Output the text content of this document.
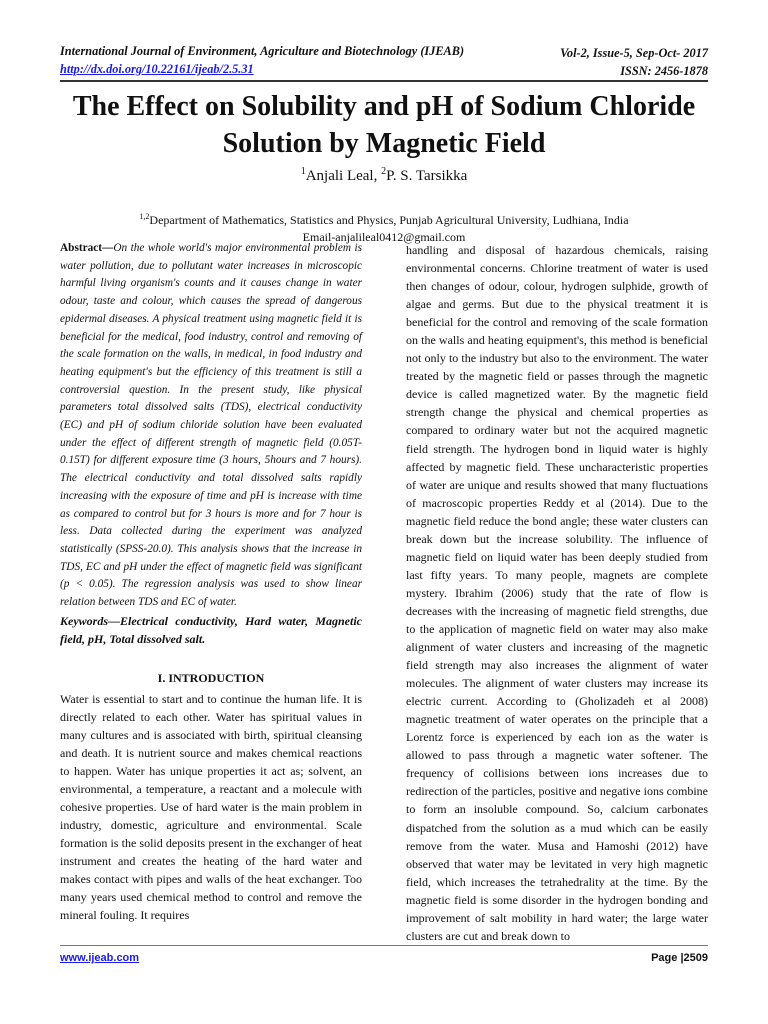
International Journal of Environment, Agriculture and Biotechnology (IJEAB)
http://dx.doi.org/10.22161/ijeab/2.5.31
Vol-2, Issue-5, Sep-Oct- 2017
ISSN: 2456-1878
The Effect on Solubility and pH of Sodium Chloride Solution by Magnetic Field
$^1$Anjali Leal, $^2$P. S. Tarsikka
$^{1,2}$Department of Mathematics, Statistics and Physics, Punjab Agricultural University, Ludhiana, India
Email-anjalileal0412@gmail.com

Abstract—On the whole world's major environmental problem is water pollution, due to pollutant water increases in microscopic harmful living organism's counts and it causes change in water odour, taste and colour, which causes the spread of dangerous epidermal diseases. A physical treatment using magnetic field it is beneficial for the medical, food industry, control and removing of the scale formation on the walls, in medical, in food industry and heating equipment's but the efficiency of this treatment is still a controversial question. In the present study, like physical parameters total dissolved salts (TDS), electrical conductivity (EC) and pH of sodium chloride solution have been evaluated under the effect of different strength of magnetic field (0.05T-0.15T) for different exposure time (3 hours, 5hours and 7 hours). The electrical conductivity and total dissolved salts rapidly increasing with the exposure of time and pH is increase with time as compared to control but for 3 hours is more and for 7 hour is less. Data collected during the experiment was analyzed statistically (SPSS-20.0). This analysis shows that the increase in TDS, EC and pH under the effect of magnetic field was significant (p < 0.05). The regression analysis was used to show linear relation between TDS and EC of water.

Keywords—Electrical conductivity, Hard water, Magnetic field, pH, Total dissolved salt.

I. INTRODUCTION

Water is essential to start and to continue the human life. It is directly related to each other. Water has spiritual values in many cultures and is associated with birth, spiritual cleansing and death. It is nutrient source and makes chemical reactions to happen. Water has unique properties it act as; solvent, an environmental, a temperature, a reactant and a molecule with cohesive properties. Use of hard water is the main problem in industry, domestic, agriculture and environmental. Scale formation is the solid deposits present in the exchanger of heat instrument and creates the heating of the hard water and makes contact with pipes and walls of the heat exchanger. Too many years used chemical method to control and remove the mineral fouling. It requires

handling and disposal of hazardous chemicals, raising environmental concerns. Chlorine treatment of water is used then changes of odour, colour, hydrogen sulphide, growth of algae and germs. But due to the physical treatment it is beneficial for the control and removing of the scale formation on the walls and heating equipment's, this method is beneficial not only to the industry but also to the environment. The water treated by the magnetic field or passes through the magnetic device is called magnetized water. By the magnetic field strength change the physical and chemical properties as compared to ordinary water but not the acquired magnetic field strength. The hydrogen bond in liquid water is highly affected by magnetic field. These uncharacteristic properties of water are unique and results showed that many fluctuations of macroscopic properties Reddy et al (2014). Due to the magnetic field reduce the bond angle; these water clusters can break down but the increase solubility. The influence of magnetic field on liquid water has been deeply studied from last fifty years. To many people, magnets are complete mystery. Ibrahim (2006) study that the rate of flow is decreases with the increasing of magnetic field strengths, due to the application of magnetic field on water may also make alignment of water clusters and increasing of the magnetic field strength may also increases the alignment of water molecules. The alignment of water clusters may increase its electric current. According to (Gholizadeh et al 2008) magnetic treatment of water operates on the principle that a Lorentz force is experienced by each ion as the water is allowed to pass through a magnetic water softener. The frequency of collisions between ions increases due to redirection of the particles, positive and negative ions combine to form an insoluble compound. So, calcium carbonates dispatched from the solution as a mud which can be easily remove from the water. Musa and Hamoshi (2012) have observed that water may be levitated in very high magnetic field, which increases the tetrahedrality at the time. By the magnetic field is some disorder in the hydrogen bonding and improvement of salt mobility in hard water; the large water clusters are cut and break down to

www.ijeab.com	Page |2509
